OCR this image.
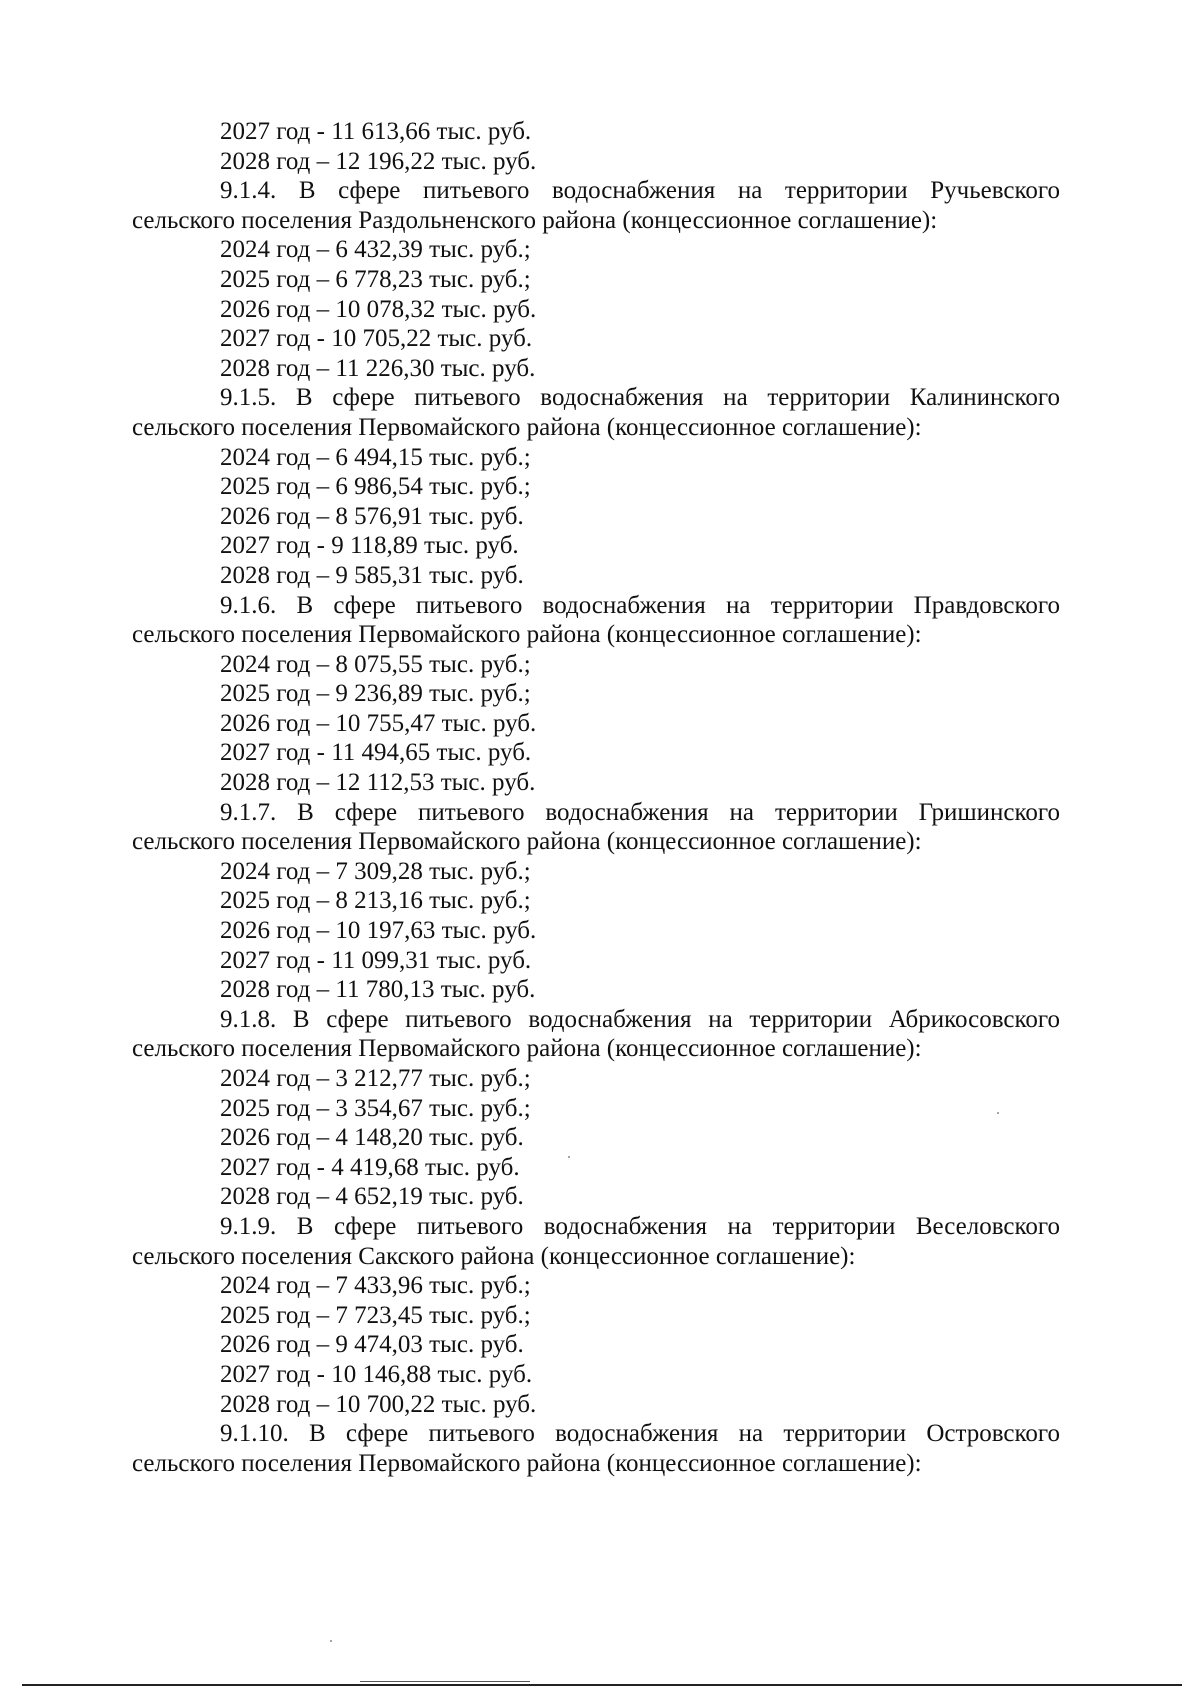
2027 год - 11 613,66 тыс. руб.
2028 год – 12 196,22 тыс. руб.
9.1.4. В сфере питьевого водоснабжения на территории Ручьевского
сельского поселения Раздольненского района (концессионное соглашение):
2024 год – 6 432,39 тыс. руб.;
2025 год – 6 778,23 тыс. руб.;
2026 год – 10 078,32 тыс. руб.
2027 год - 10 705,22 тыс. руб.
2028 год – 11 226,30 тыс. руб.
9.1.5. В сфере питьевого водоснабжения на территории Калининского
сельского поселения Первомайского района (концессионное соглашение):
2024 год – 6 494,15 тыс. руб.;
2025 год – 6 986,54 тыс. руб.;
2026 год – 8 576,91 тыс. руб.
2027 год - 9 118,89 тыс. руб.
2028 год – 9 585,31 тыс. руб.
9.1.6. В сфере питьевого водоснабжения на территории Правдовского
сельского поселения Первомайского района (концессионное соглашение):
2024 год – 8 075,55 тыс. руб.;
2025 год – 9 236,89 тыс. руб.;
2026 год – 10 755,47 тыс. руб.
2027 год - 11 494,65 тыс. руб.
2028 год – 12 112,53 тыс. руб.
9.1.7. В сфере питьевого водоснабжения на территории Гришинского
сельского поселения Первомайского района (концессионное соглашение):
2024 год – 7 309,28 тыс. руб.;
2025 год – 8 213,16 тыс. руб.;
2026 год – 10 197,63 тыс. руб.
2027 год - 11 099,31 тыс. руб.
2028 год – 11 780,13 тыс. руб.
9.1.8. В сфере питьевого водоснабжения на территории Абрикосовского
сельского поселения Первомайского района (концессионное соглашение):
2024 год – 3 212,77 тыс. руб.;
2025 год – 3 354,67 тыс. руб.;
2026 год – 4 148,20 тыс. руб.
2027 год - 4 419,68 тыс. руб.
2028 год – 4 652,19 тыс. руб.
9.1.9. В сфере питьевого водоснабжения на территории Веселовского
сельского поселения Сакского района (концессионное соглашение):
2024 год – 7 433,96 тыс. руб.;
2025 год – 7 723,45 тыс. руб.;
2026 год – 9 474,03 тыс. руб.
2027 год - 10 146,88 тыс. руб.
2028 год – 10 700,22 тыс. руб.
9.1.10. В сфере питьевого водоснабжения на территории Островского
сельского поселения Первомайского района (концессионное соглашение):
